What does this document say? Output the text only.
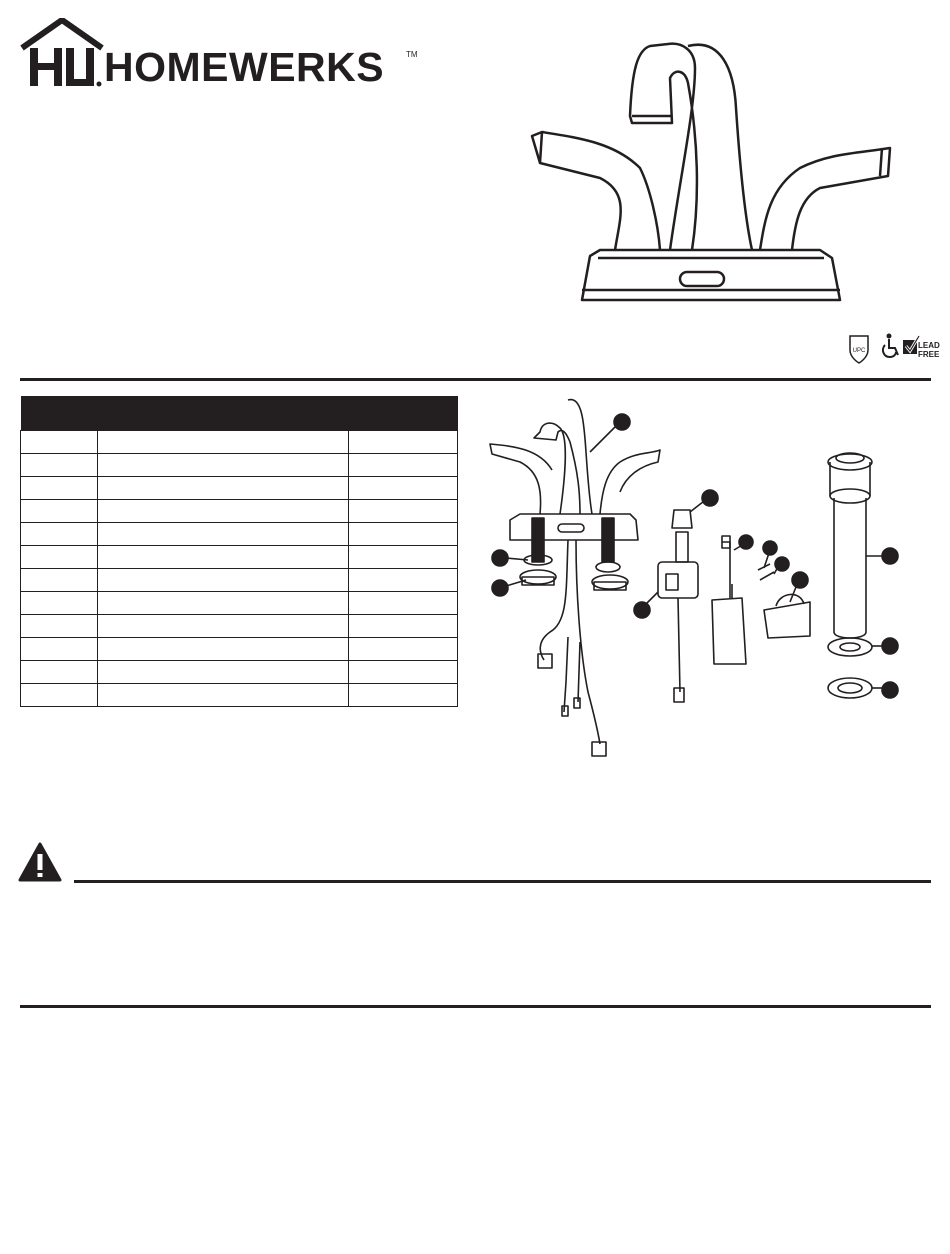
HOMEWERKS	TM
UPC
LEAD
FREE
